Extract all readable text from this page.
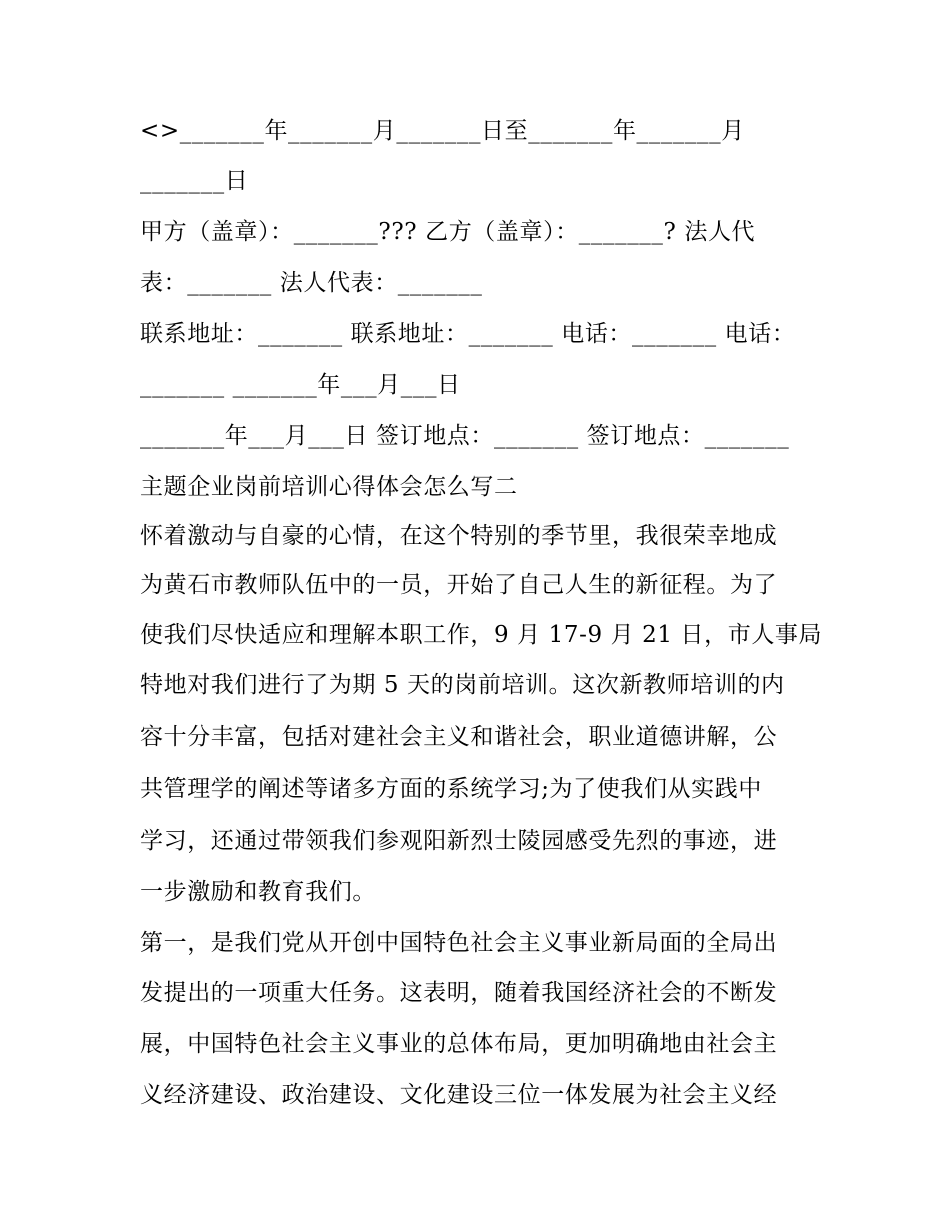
<>_______年_______月_______日至_______年_______月
_______日
甲方（盖章）：_______??? 乙方（盖章）：_______? 法人代
表：_______ 法人代表：_______
联系地址：_______ 联系地址：_______ 电话：_______ 电话：
_______ _______年___月___日
_______年___月___日 签订地点：_______ 签订地点：_______
主题企业岗前培训心得体会怎么写二
怀着激动与自豪的心情，在这个特别的季节里，我很荣幸地成
为黄石市教师队伍中的一员，开始了自己人生的新征程。为了
使我们尽快适应和理解本职工作，9 月 17-9 月 21 日，市人事局
特地对我们进行了为期 5 天的岗前培训。这次新教师培训的内
容十分丰富，包括对建社会主义和谐社会，职业道德讲解，公
共管理学的阐述等诸多方面的系统学习;为了使我们从实践中
学习，还通过带领我们参观阳新烈士陵园感受先烈的事迹，进
一步激励和教育我们。
第一，是我们党从开创中国特色社会主义事业新局面的全局出
发提出的一项重大任务。这表明，随着我国经济社会的不断发
展，中国特色社会主义事业的总体布局，更加明确地由社会主
义经济建设、政治建设、文化建设三位一体发展为社会主义经
